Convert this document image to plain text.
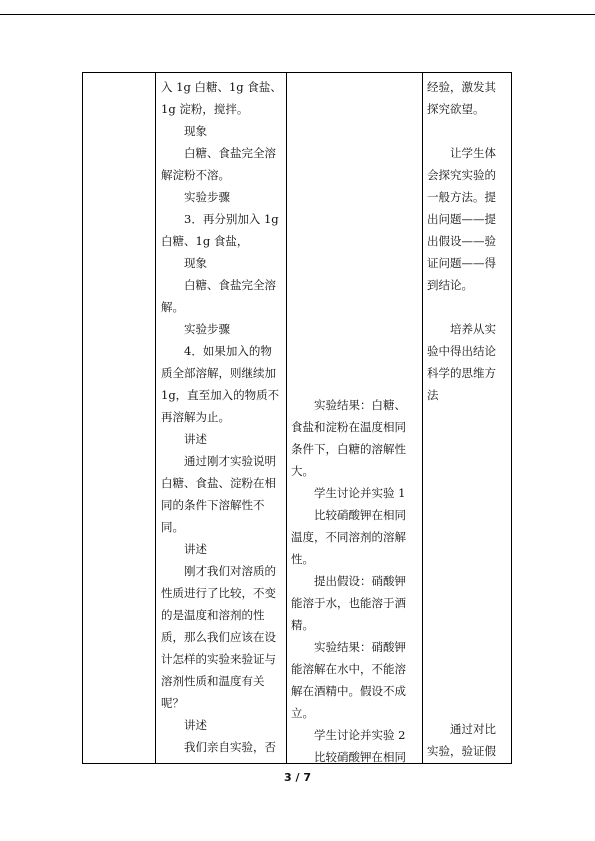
入 1g 白糖、1g 食盐、
1g 淀粉，搅拌。
　　现象
　　白糖、食盐完全溶
解淀粉不溶。
　　实验步骤
　　3．再分别加入 1g
白糖、1g 食盐，
　　现象
　　白糖、食盐完全溶
解。
　　实验步骤
　　4．如果加入的物
质全部溶解，则继续加
1g，直至加入的物质不
再溶解为止。
　　讲述
　　通过刚才实验说明
白糖、食盐、淀粉在相
同的条件下溶解性不
同。
　　讲述
　　刚才我们对溶质的
性质进行了比较，不变
的是温度和溶剂的性
质，那么我们应该在设
计怎样的实验来验证与
溶剂性质和温度有关
呢？
　　讲述
　　我们亲自实验，否
　　实验结果：白糖、
食盐和淀粉在温度相同
条件下，白糖的溶解性
大。
　　学生讨论并实验 1
　　比较硝酸钾在相同
温度，不同溶剂的溶解
性。
　　提出假设：硝酸钾
能溶于水，也能溶于酒
精。
　　实验结果：硝酸钾
能溶解在水中，不能溶
解在酒精中。假设不成
立。
　　学生讨论并实验 2
　　比较硝酸钾在相同
经验，激发其
探究欲望。

　　让学生体
会探究实验的
一般方法。提
出问题——提
出假设——验
证问题——得
到结论。

　　培养从实
验中得出结论
科学的思维方
法
　　通过对比
实验，验证假
3 / 7
